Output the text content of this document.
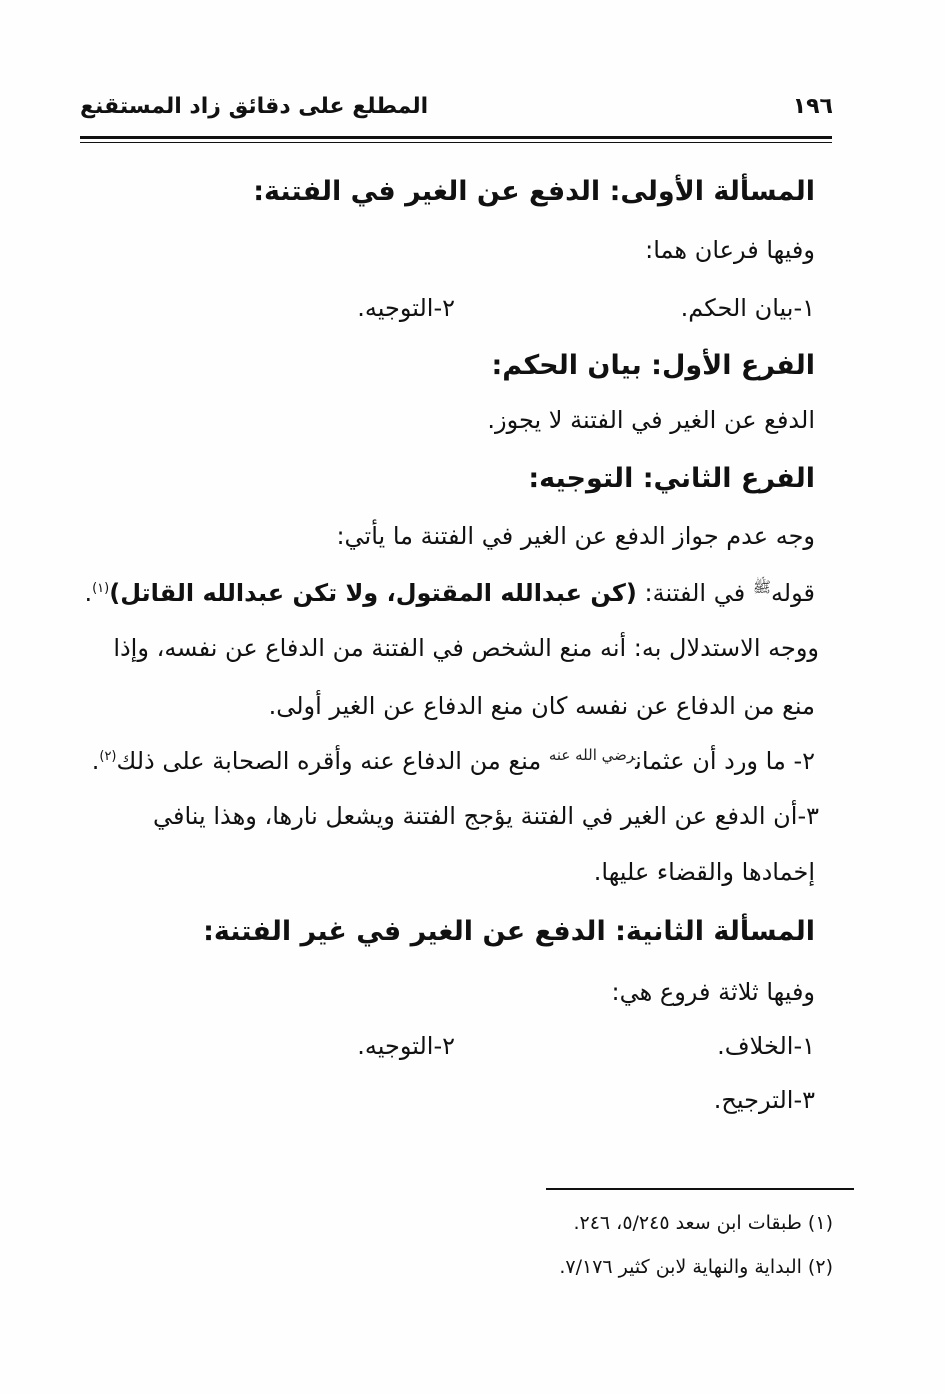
١٩٦
المطلع على دقائق زاد المستقنع
المسألة الأولى: الدفع عن الغير في الفتنة:
وفيها فرعان هما:
١-بيان الحكم.
٢-التوجيه.
الفرع الأول: بيان الحكم:
الدفع عن الغير في الفتنة لا يجوز.
الفرع الثاني: التوجيه:
وجه عدم جواز الدفع عن الغير في الفتنة ما يأتي:
قوله$^ﷺ$ في الفتنة: (كن عبدالله المقتول، ولا تكن عبدالله القاتل)$^{(١)}$.
ووجه الاستدلال به: أنه منع الشخص في الفتنة من الدفاع عن نفسه، وإذا
منع من الدفاع عن نفسه كان منع الدفاع عن الغير أولى.
٢- ما ورد أن عثمان$^{رضي الله عنه}$ منع من الدفاع عنه وأقره الصحابة على ذلك$^{(٢)}$.
٣-أن الدفع عن الغير في الفتنة يؤجج الفتنة ويشعل نارها، وهذا ينافي
إخمادها والقضاء عليها.
المسألة الثانية: الدفع عن الغير في غير الفتنة:
وفيها ثلاثة فروع هي:
١-الخلاف.
٢-التوجيه.
٣-الترجيح.
(١) طبقات ابن سعد ٥/٢٤٥، ٢٤٦.
(٢) البداية والنهاية لابن كثير ٧/١٧٦.
